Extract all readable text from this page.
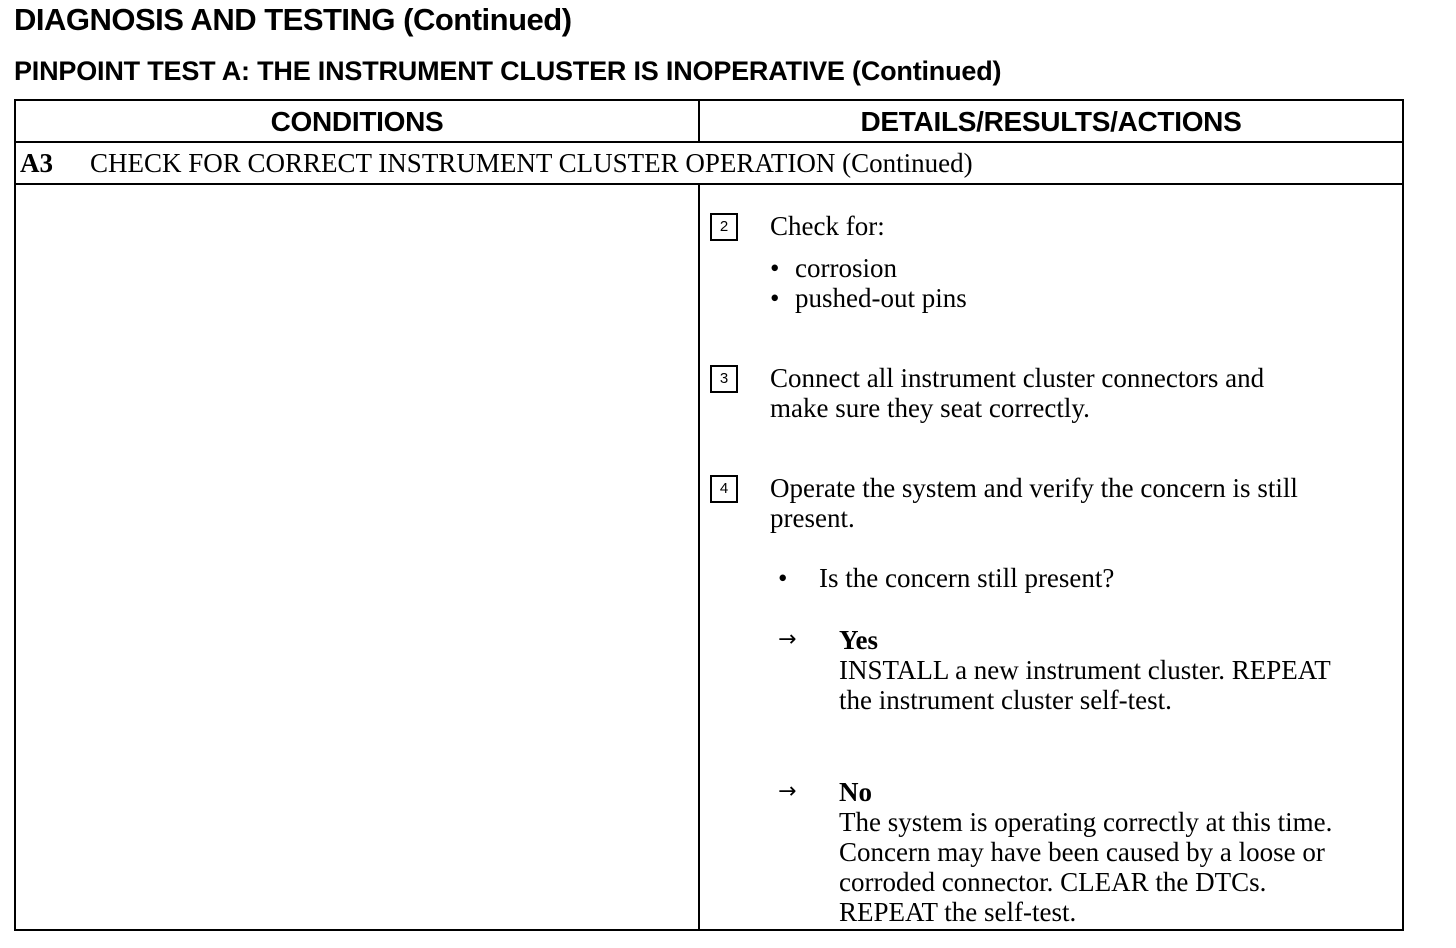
DIAGNOSIS AND TESTING (Continued)
PINPOINT TEST A: THE INSTRUMENT CLUSTER IS INOPERATIVE (Continued)
CONDITIONS	DETAILS/RESULTS/ACTIONS
A3 CHECK FOR CORRECT INSTRUMENT CLUSTER OPERATION (Continued)
2	Check for:
• corrosion
• pushed-out pins
3	Connect all instrument cluster connectors and
make sure they seat correctly.
4	Operate the system and verify the concern is still
present.
• Is the concern still present?
→ Yes
INSTALL a new instrument cluster. REPEAT
the instrument cluster self-test.
→ No
The system is operating correctly at this time.
Concern may have been caused by a loose or
corroded connector. CLEAR the DTCs.
REPEAT the self-test.
